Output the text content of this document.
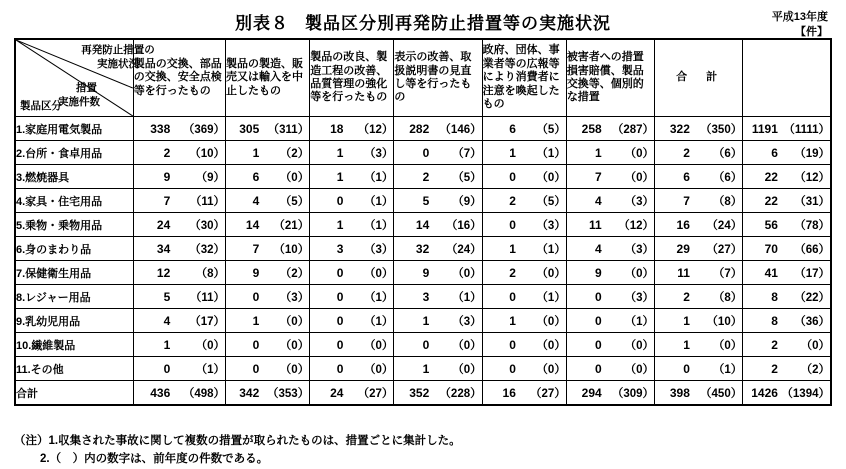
別表８ 製品区分別再発防止措置等の実施状況	平成13年度
【件】
再発防止措置の
実施状況
措置
実施件数
製品区分	製品の交換、部品の交換、安全点検等を行ったもの	製品の製造、販売又は輸入を中止したもの	製品の改良、製造工程の改善、品質管理の強化等を行ったもの	表示の改善、取扱説明書の見直し等を行ったもの	政府、団体、事業者等の広報等により消費者に注意を喚起したもの	被害者への措置損害賠償、製品交換等、個別的な措置	合　計	
1.家庭用電気製品	338 （369）	305 （311）	18 （12）	282 （146）	6 （5）	258 （287）	322 （350）	1191 （1111）

2.台所・食卓用品	2 （10）	1 （2）	1 （3）	0 （7）	1 （1）	1 （0）	2 （6）	6 （19）

3.燃焼器具	9 （9）	6 （0）	1 （1）	2 （5）	0 （0）	7 （0）	6 （6）	22 （12）

4.家具・住宅用品	7 （11）	4 （5）	0 （1）	5 （9）	2 （5）	4 （3）	7 （8）	22 （31）

5.乗物・乗物用品	24 （30）	14 （21）	1 （1）	14 （16）	0 （3）	11 （12）	16 （24）	56 （78）

6.身のまわり品	34 （32）	7 （10）	3 （3）	32 （24）	1 （1）	4 （3）	29 （27）	70 （66）

7.保健衛生用品	12 （8）	9 （2）	0 （0）	9 （0）	2 （0）	9 （0）	11 （7）	41 （17）

8.レジャー用品	5 （11）	0 （3）	0 （1）	3 （1）	0 （1）	0 （3）	2 （8）	8 （22）

9.乳幼児用品	4 （17）	1 （0）	0 （1）	1 （3）	1 （0）	0 （1）	1 （10）	8 （36）

10.繊維製品	1 （0）	0 （0）	0 （0）	0 （0）	0 （0）	0 （0）	1 （0）	2 （0）

11.その他	0 （1）	0 （0）	0 （0）	1 （0）	0 （0）	0 （0）	0 （1）	2 （2）

合計	436 （498）	342 （353）	24 （27）	352 （228）	16 （27）	294 （309）	398 （450）	1426 （1394）
（注）1.収集された事故に関して複数の措置が取られたものは、措置ごとに集計した。
2.（　）内の数字は、前年度の件数である。
